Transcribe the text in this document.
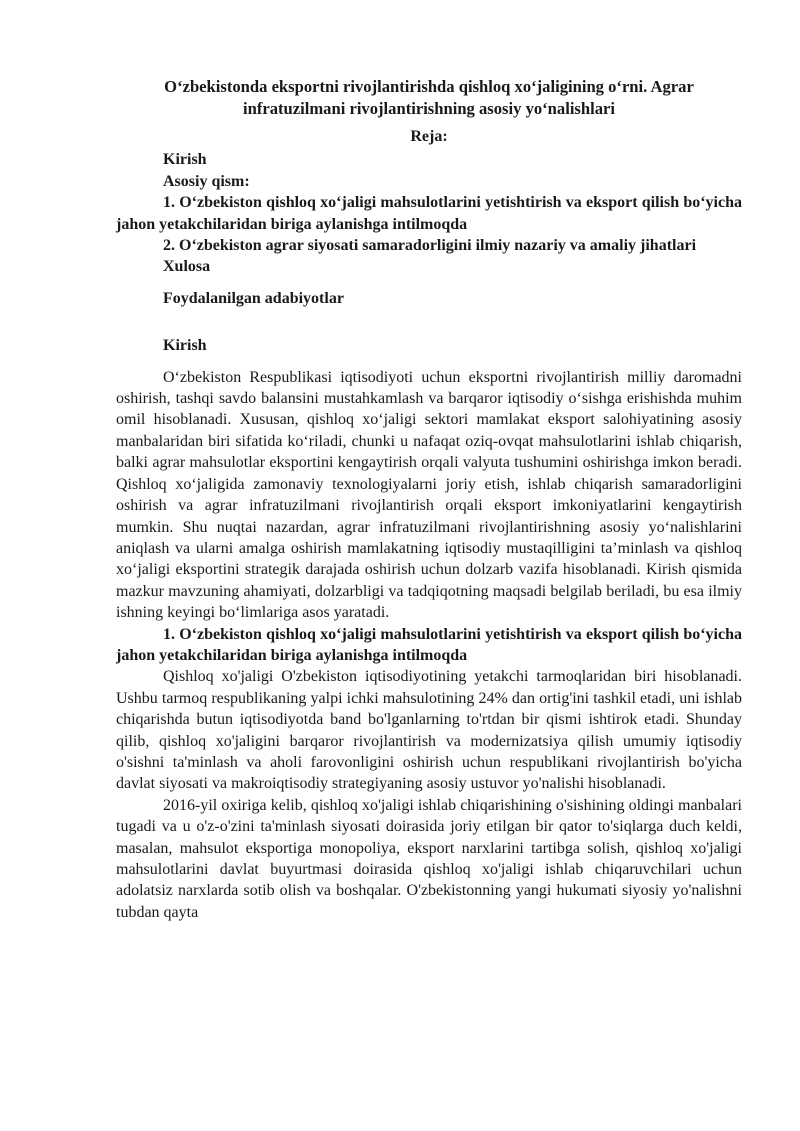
O‘zbekistonda eksportni rivojlantirishda qishloq xo‘jaligining o‘rni. Agrar infratuzilmani rivojlantirishning asosiy yo‘nalishlari

Reja:

Kirish

Asosiy qism:

1. O‘zbekiston qishloq xo‘jaligi mahsulotlarini yetishtirish va eksport qilish bo‘yicha jahon yetakchilaridan biriga aylanishga intilmoqda

2. O‘zbekiston agrar siyosati samaradorligini ilmiy nazariy va amaliy jihatlari

Xulosa

Foydalanilgan adabiyotlar

Kirish

O‘zbekiston Respublikasi iqtisodiyoti uchun eksportni rivojlantirish milliy daromadni oshirish, tashqi savdo balansini mustahkamlash va barqaror iqtisodiy o‘sishga erishishda muhim omil hisoblanadi. Xususan, qishloq xo‘jaligi sektori mamlakat eksport salohiyatining asosiy manbalaridan biri sifatida ko‘riladi, chunki u nafaqat oziq-ovqat mahsulotlarini ishlab chiqarish, balki agrar mahsulotlar eksportini kengaytirish orqali valyuta tushumini oshirishga imkon beradi. Qishloq xo‘jaligida zamonaviy texnologiyalarni joriy etish, ishlab chiqarish samaradorligini oshirish va agrar infratuzilmani rivojlantirish orqali eksport imkoniyatlarini kengaytirish mumkin. Shu nuqtai nazardan, agrar infratuzilmani rivojlantirishning asosiy yo‘nalishlarini aniqlash va ularni amalga oshirish mamlakatning iqtisodiy mustaqilligini ta’minlash va qishloq xo‘jaligi eksportini strategik darajada oshirish uchun dolzarb vazifa hisoblanadi. Kirish qismida mazkur mavzuning ahamiyati, dolzarbligi va tadqiqotning maqsadi belgilab beriladi, bu esa ilmiy ishning keyingi bo‘limlariga asos yaratadi.

1. O‘zbekiston qishloq xo‘jaligi mahsulotlarini yetishtirish va eksport qilish bo‘yicha jahon yetakchilaridan biriga aylanishga intilmoqda

Qishloq xo'jaligi O'zbekiston iqtisodiyotining yetakchi tarmoqlaridan biri hisoblanadi. Ushbu tarmoq respublikaning yalpi ichki mahsulotining 24% dan ortig'ini tashkil etadi, uni ishlab chiqarishda butun iqtisodiyotda band bo'lganlarning to'rtdan bir qismi ishtirok etadi. Shunday qilib, qishloq xo'jaligini barqaror rivojlantirish va modernizatsiya qilish umumiy iqtisodiy o'sishni ta'minlash va aholi farovonligini oshirish uchun respublikani rivojlantirish bo'yicha davlat siyosati va makroiqtisodiy strategiyaning asosiy ustuvor yo'nalishi hisoblanadi.

2016-yil oxiriga kelib, qishloq xo'jaligi ishlab chiqarishining o'sishining oldingi manbalari tugadi va u o'z-o'zini ta'minlash siyosati doirasida joriy etilgan bir qator to'siqlarga duch keldi, masalan, mahsulot eksportiga monopoliya, eksport narxlarini tartibga solish, qishloq xo'jaligi mahsulotlarini davlat buyurtmasi doirasida qishloq xo'jaligi ishlab chiqaruvchilari uchun adolatsiz narxlarda sotib olish va boshqalar. O'zbekistonning yangi hukumati siyosiy yo'nalishni tubdan qayta
